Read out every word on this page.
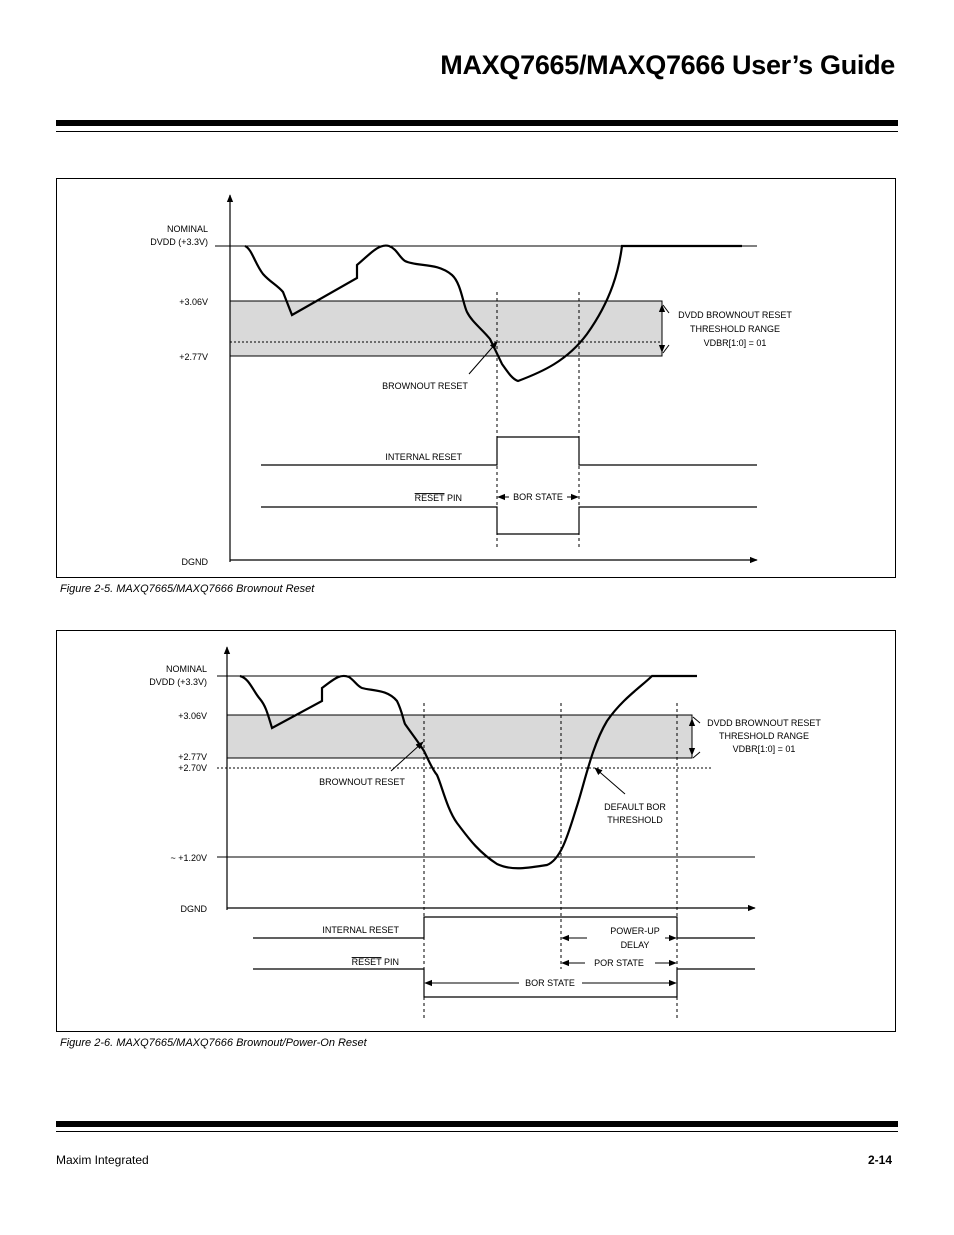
MAXQ7665/MAXQ7666 User’s Guide
NOMINAL
DVDD (+3.3V)
+3.06V
+2.77V
DGND
DVDD BROWNOUT RESET
THRESHOLD RANGE
VDBR[1:0] = 01
BROWNOUT RESET
INTERNAL RESET
RESET PIN	BOR STATE
Figure 2-5. MAXQ7665/MAXQ7666 Brownout Reset
NOMINAL
DVDD (+3.3V)
+3.06V
+2.77V
+2.70V
~ +1.20V
DGND
DVDD BROWNOUT RESET
THRESHOLD RANGE
VDBR[1:0] = 01
BROWNOUT RESET
DEFAULT BOR
THRESHOLD
INTERNAL RESET	POWER-UP
DELAY
RESET PIN	POR STATE
BOR STATE
Figure 2-6. MAXQ7665/MAXQ7666 Brownout/Power-On Reset
Maxim Integrated	2-14
